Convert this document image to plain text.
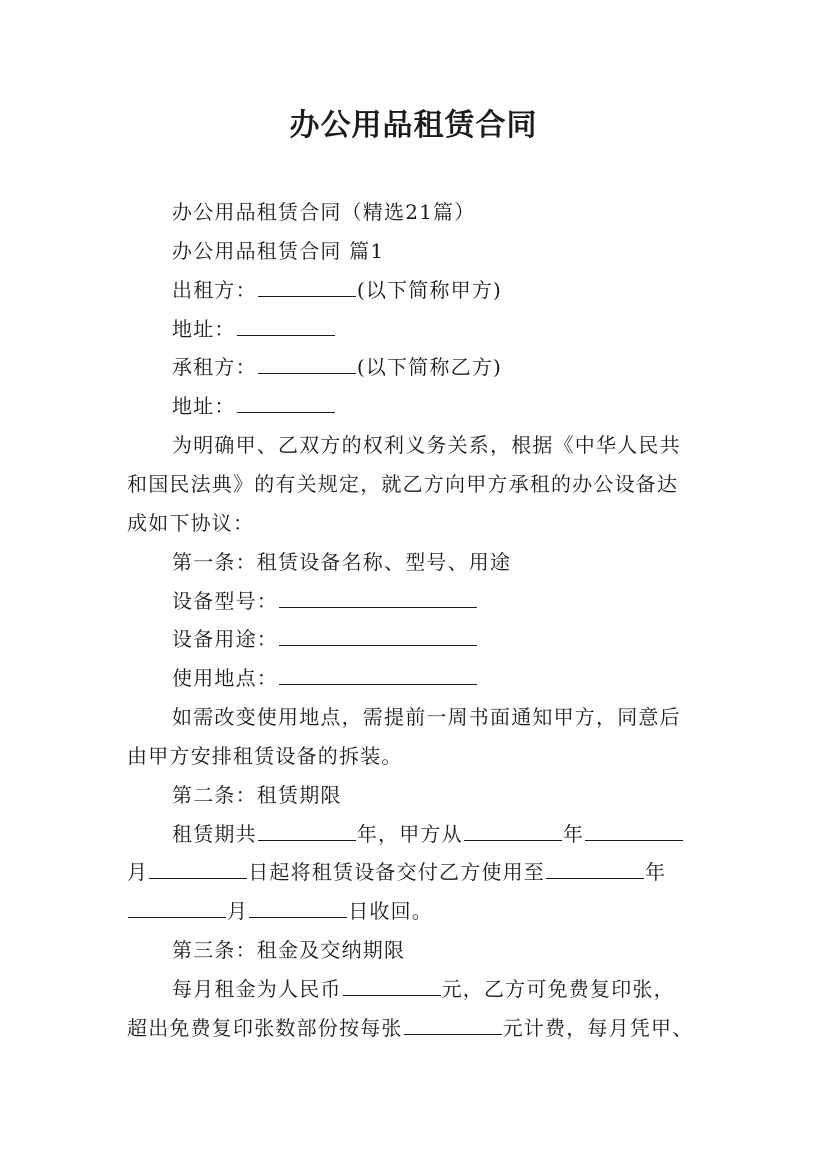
办公用品租赁合同
办公用品租赁合同（精选21篇）
办公用品租赁合同 篇1
出租方：	(以下简称甲方)
地址：
承租方：	(以下简称乙方)
地址：
为明确甲、乙双方的权利义务关系，根据《中华人民共
和国民法典》的有关规定，就乙方向甲方承租的办公设备达
成如下协议：
第一条：租赁设备名称、型号、用途
设备型号：
设备用途：
使用地点：
如需改变使用地点，需提前一周书面通知甲方，同意后
由甲方安排租赁设备的拆装。
第二条：租赁期限
租赁期共	年，甲方从	年
月	日起将租赁设备交付乙方使用至	年
月	日收回。
第三条：租金及交纳期限
每月租金为人民币	元，乙方可免费复印张，
超出免费复印张数部份按每张	元计费，每月凭甲、
